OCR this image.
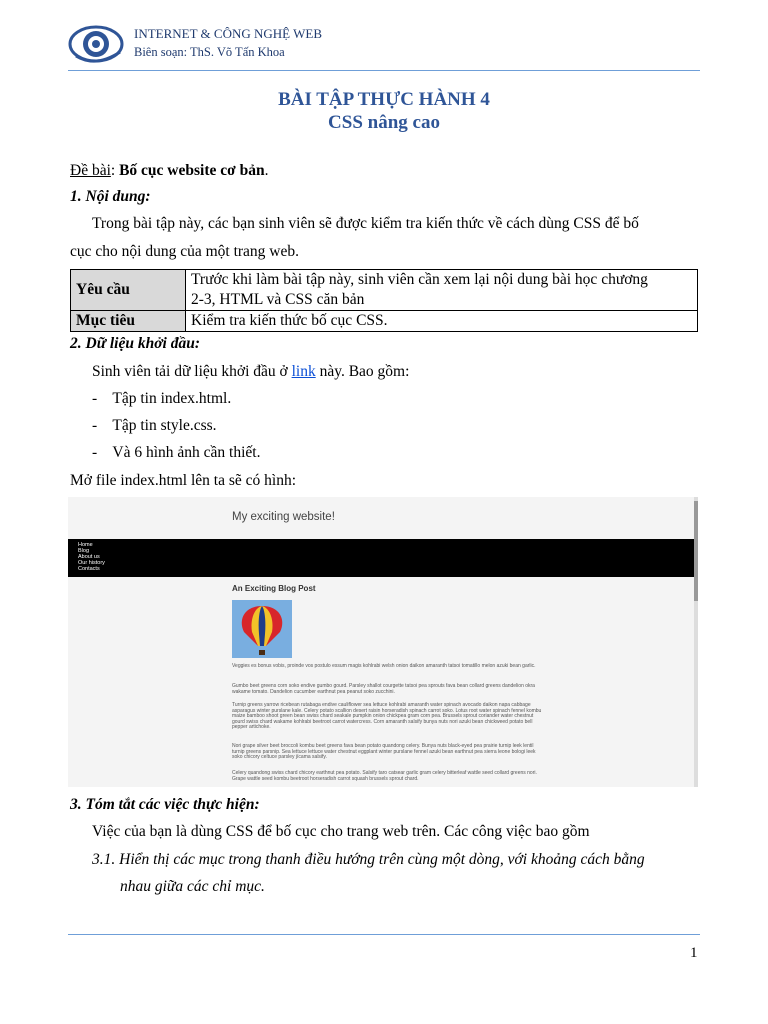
INTERNET & CÔNG NGHỆ WEB
Biên soạn: ThS. Võ Tấn Khoa
BÀI TẬP THỰC HÀNH 4
CSS nâng cao
Đề bài: Bố cục website cơ bản.
1. Nội dung:
Trong bài tập này, các bạn sinh viên sẽ được kiểm tra kiến thức về cách dùng CSS để bố
cục cho nội dung của một trang web.
Yêu cầu	Trước khi làm bài tập này, sinh viên cần xem lại nội dung bài học chương
2-3, HTML và CSS căn bản

Mục tiêu	Kiểm tra kiến thức bố cục CSS.
2. Dữ liệu khởi đầu:
Sinh viên tải dữ liệu khởi đầu ở link này. Bao gồm:
-    Tập tin index.html.
-    Tập tin style.css.
-    Và 6 hình ảnh cần thiết.
Mở file index.html lên ta sẽ có hình:
My exciting website!
Home
Blog
About us
Our history
Contacts
An Exciting Blog Post
Veggies es bonus vobis, proinde vos postulo essum magis kohlrabi welsh onion daikon amaranth tatsoi tomatillo melon azuki bean garlic.
Gumbo beet greens corn soko endive gumbo gourd. Parsley shallot courgette tatsoi pea sprouts fava bean collard greens dandelion okra wakame tomato. Dandelion cucumber earthnut pea peanut soko zucchini.
Turnip greens yarrow ricebean rutabaga endive cauliflower sea lettuce kohlrabi amaranth water spinach avocado daikon napa cabbage asparagus winter purslane kale. Celery potato scallion desert raisin horseradish spinach carrot soko. Lotus root water spinach fennel kombu maize bamboo shoot green bean swiss chard seakale pumpkin onion chickpea gram corn pea. Brussels sprout coriander water chestnut gourd swiss chard wakame kohlrabi beetroot carrot watercress. Corn amaranth salsify bunya nuts nori azuki bean chickweed potato bell pepper artichoke.
Nori grape silver beet broccoli kombu beet greens fava bean potato quandong celery. Bunya nuts black-eyed pea prairie turnip leek lentil turnip greens parsnip. Sea lettuce lettuce water chestnut eggplant winter purslane fennel azuki bean earthnut pea sierra leone bologi leek soko chicory celtuce parsley jícama salsify.
Celery quandong swiss chard chicory earthnut pea potato. Salsify taro catsear garlic gram celery bitterleaf wattle seed collard greens nori. Grape wattle seed kombu beetroot horseradish carrot squash brussels sprout chard.
3. Tóm tắt các việc thực hiện:
Việc của bạn là dùng CSS để bố cục cho trang web trên. Các công việc bao gồm
3.1. Hiển thị các mục trong thanh điều hướng trên cùng một dòng, với khoảng cách bằng
nhau giữa các chỉ mục.
1
